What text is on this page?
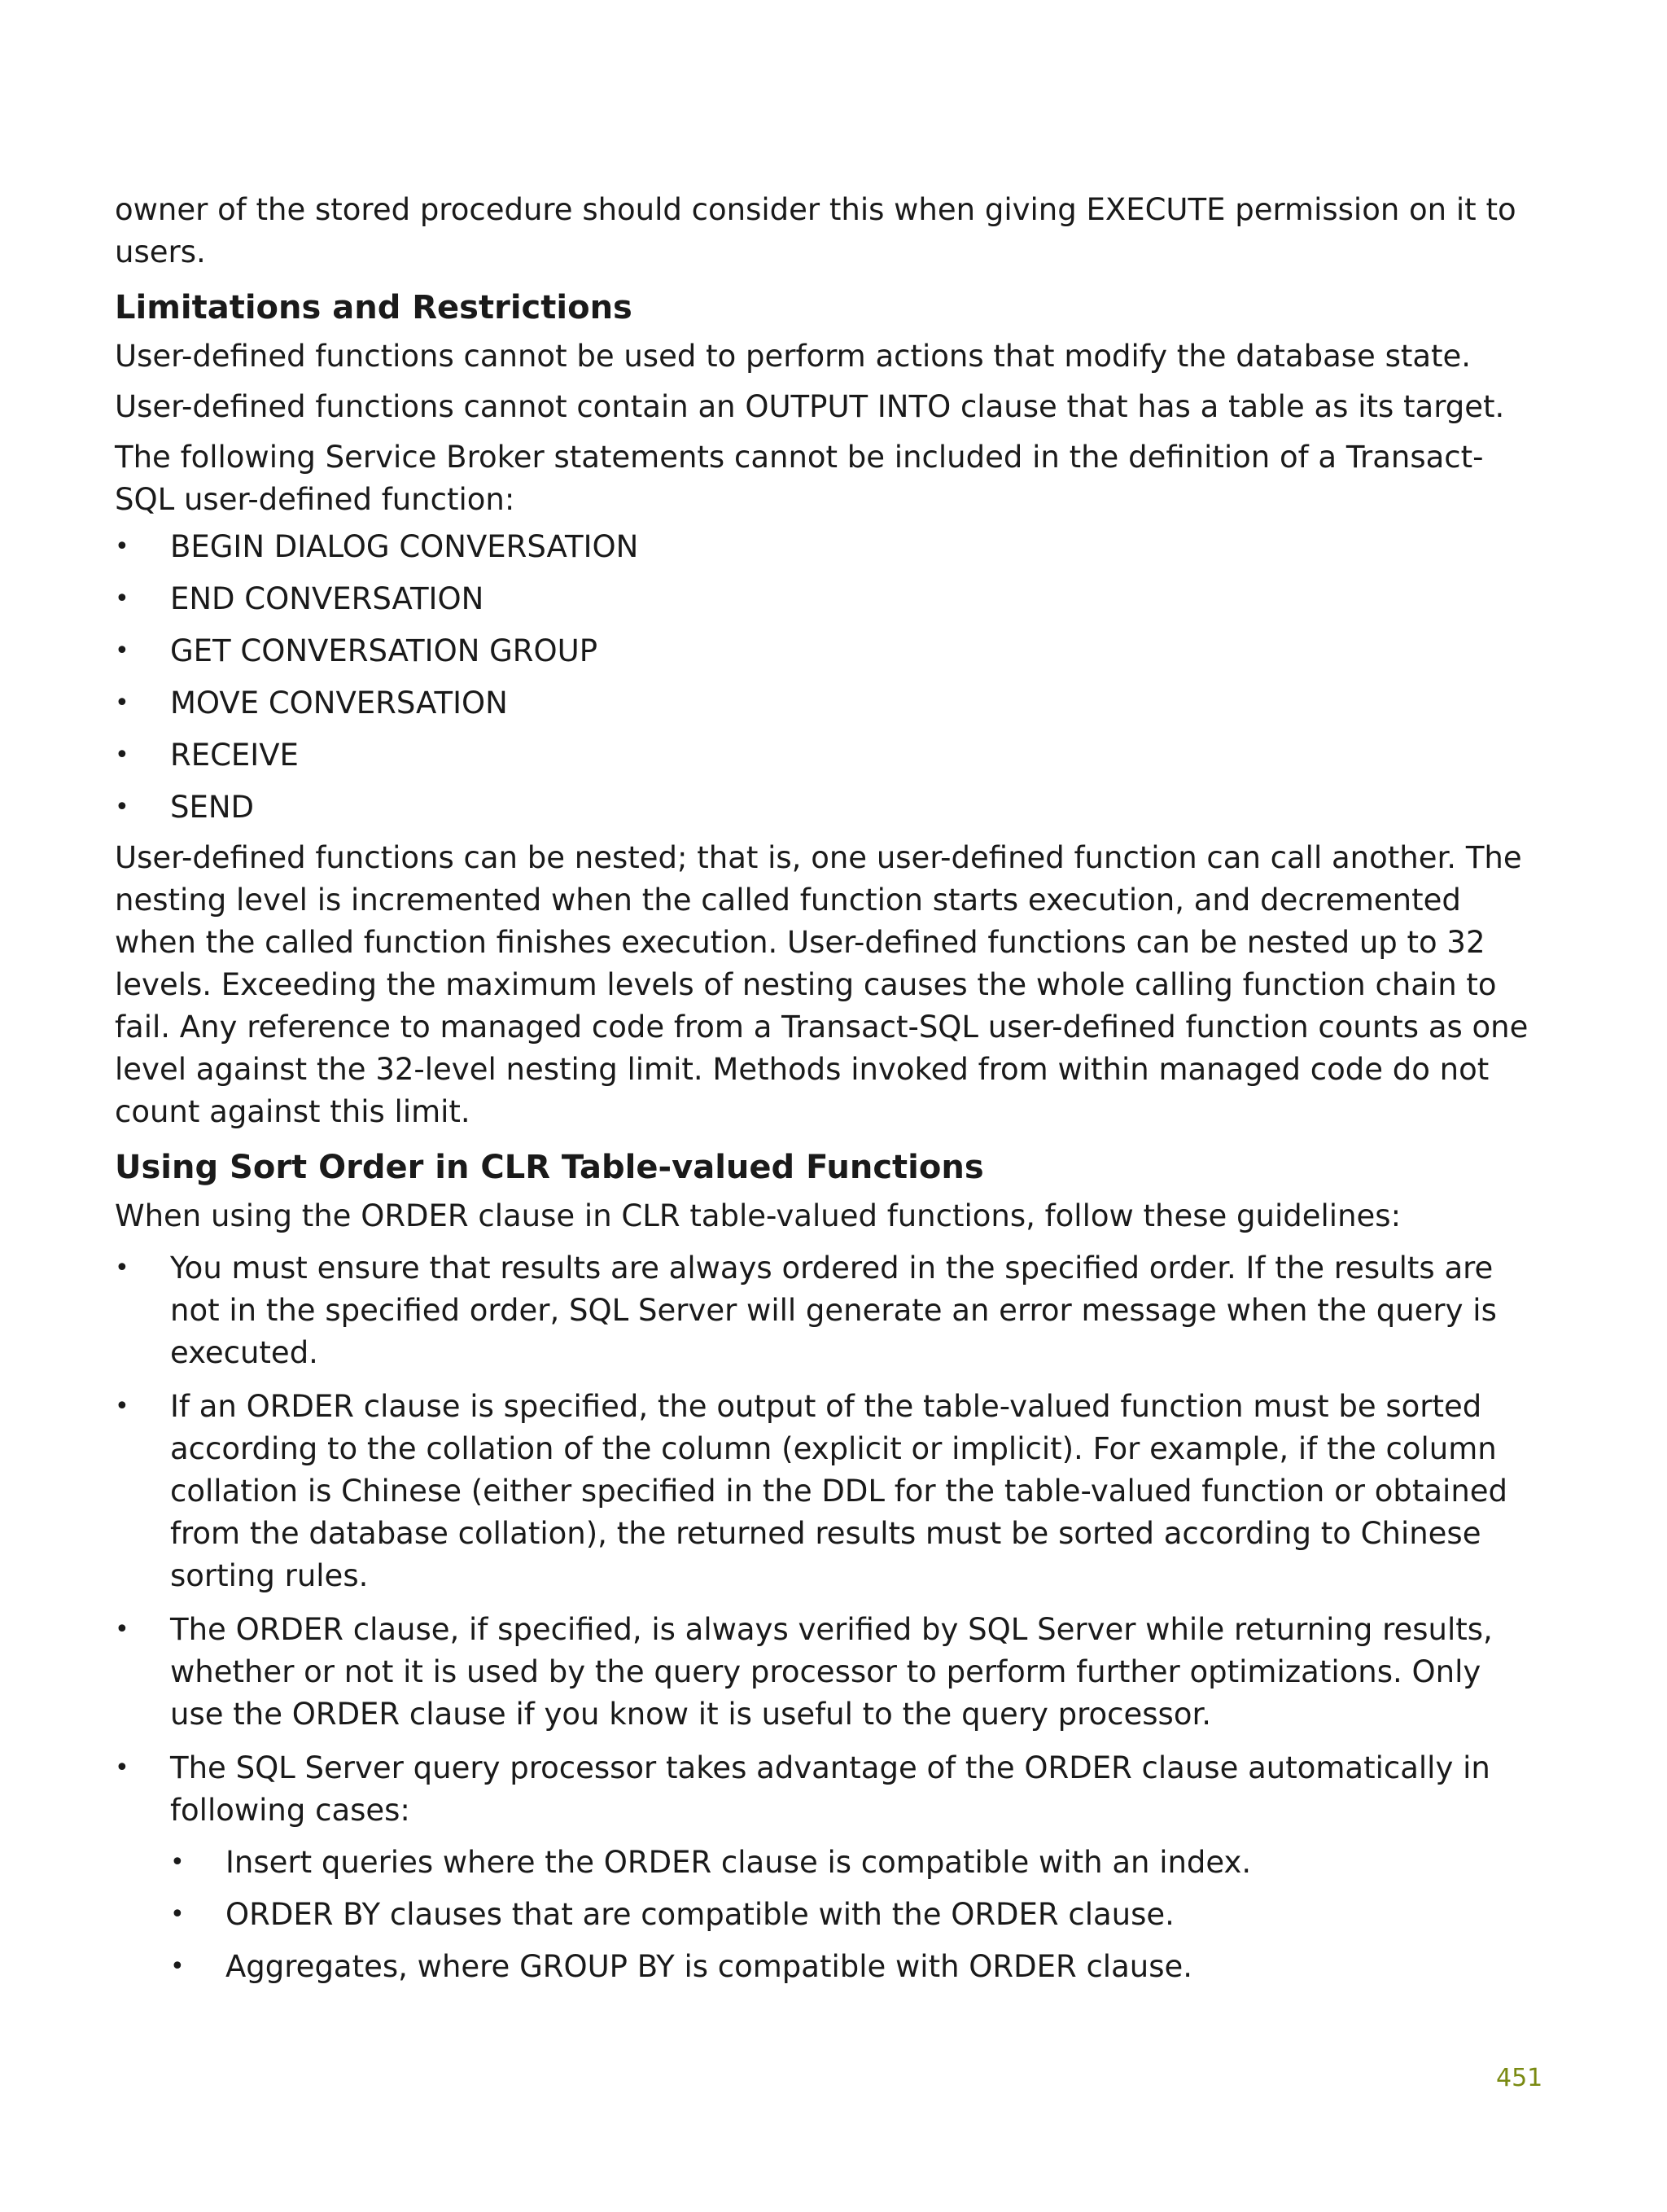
owner of the stored procedure should consider this when giving EXECUTE permission on it to users.

Limitations and Restrictions

User-defined functions cannot be used to perform actions that modify the database state.

User-defined functions cannot contain an OUTPUT INTO clause that has a table as its target.

The following Service Broker statements cannot be included in the definition of a Transact-SQL user-defined function:

•	BEGIN DIALOG CONVERSATION
•	END CONVERSATION
•	GET CONVERSATION GROUP
•	MOVE CONVERSATION
•	RECEIVE
•	SEND

User-defined functions can be nested; that is, one user-defined function can call another. The nesting level is incremented when the called function starts execution, and decremented when the called function finishes execution. User-defined functions can be nested up to 32 levels. Exceeding the maximum levels of nesting causes the whole calling function chain to fail. Any reference to managed code from a Transact-SQL user-defined function counts as one level against the 32-level nesting limit. Methods invoked from within managed code do not count against this limit.

Using Sort Order in CLR Table-valued Functions

When using the ORDER clause in CLR table-valued functions, follow these guidelines:

•	You must ensure that results are always ordered in the specified order. If the results are not in the specified order, SQL Server will generate an error message when the query is executed.
•	If an ORDER clause is specified, the output of the table-valued function must be sorted according to the collation of the column (explicit or implicit). For example, if the column collation is Chinese (either specified in the DDL for the table-valued function or obtained from the database collation), the returned results must be sorted according to Chinese sorting rules.
•	The ORDER clause, if specified, is always verified by SQL Server while returning results, whether or not it is used by the query processor to perform further optimizations. Only use the ORDER clause if you know it is useful to the query processor.
•	The SQL Server query processor takes advantage of the ORDER clause automatically in following cases:
•	Insert queries where the ORDER clause is compatible with an index.
•	ORDER BY clauses that are compatible with the ORDER clause.
•	Aggregates, where GROUP BY is compatible with ORDER clause.
451
